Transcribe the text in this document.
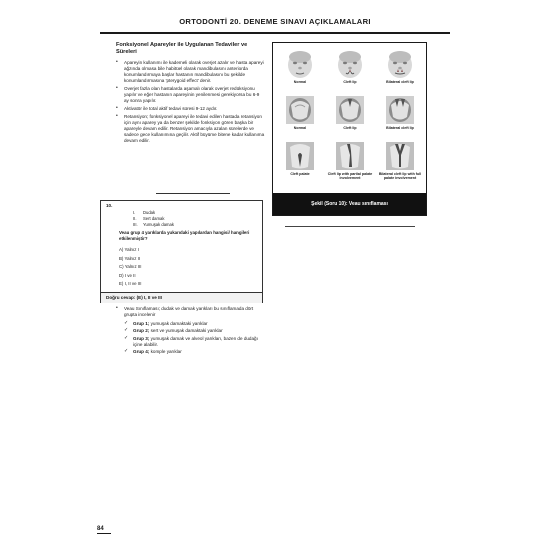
ORTODONTİ 20. DENEME SINAVI AÇIKLAMALARI
Fonksiyonel Apareyler ile Uygulanan Tedaviler ve Süreleri
• Apareyin kullanımı ile kademeli olarak overjet azalır ve hasta apareyi ağzında olmasa bile habitüel olarak mandibulasını anteriorda konumlandırmaya başlar hastanın mandibulasını bu şekilde konumlandırmasına 'pterygoid effect' denir.
• Overjet fazla olan hastalarda aşamalı olarak overjet redüksiyonu yapılır ve eğer hastanın apareyinin yenilenmesi gerekiyorsa bu 6-9 ay sonra yapılır.
• Aktivatör ile total aktif tedavi süresi 9-12 aydır.
• Retansiyon; fonksiyonel apareyi ile tedavi edilen hastada retansiyon için aynı aparey ya da benzer şekilde fonksiyon gören başka bir apareyle devam edilir. Retansiyon amacıyla azalan sürelerde ve sadece gece kullanımına geçilir. Aktif büyüme bitene kadar kullanıma devam edilir.
10.
I. Dudak
II. Sert damak
III. Yumuşak damak
Veau grup 4 yarıklarda yukarıdaki yapılardan hangisi/ hangileri etkilenmiştir?
A) Yalnız I
B) Yalnız II
C) Yalnız III
D) I ve II
E) I, II ve III
Doğru cevap: (E) I, II ve III
• Veau Sınıflaması; dudak ve damak yarıkları bu sınıflamada dört grupta incelenir
✓ Grup 1; yumuşak damaktaki yarıklar
✓ Grup 2; sert ve yumuşak damaktaki yarıklar
✓ Grup 3; yumuşak damak ve alveol yarıkları, bazen de dudağı içine alabilir.
✓ Grup 4; komple yarıklar
Normal	Cleft lip	Bilateral cleft lip
Normal	Cleft lip	Bilateral cleft lip
Cleft palate	Cleft lip with partial palate involvement
Bilateral cleft lip with full palate involvement
Şekil (Soru 10): Veau sınıflaması
84
